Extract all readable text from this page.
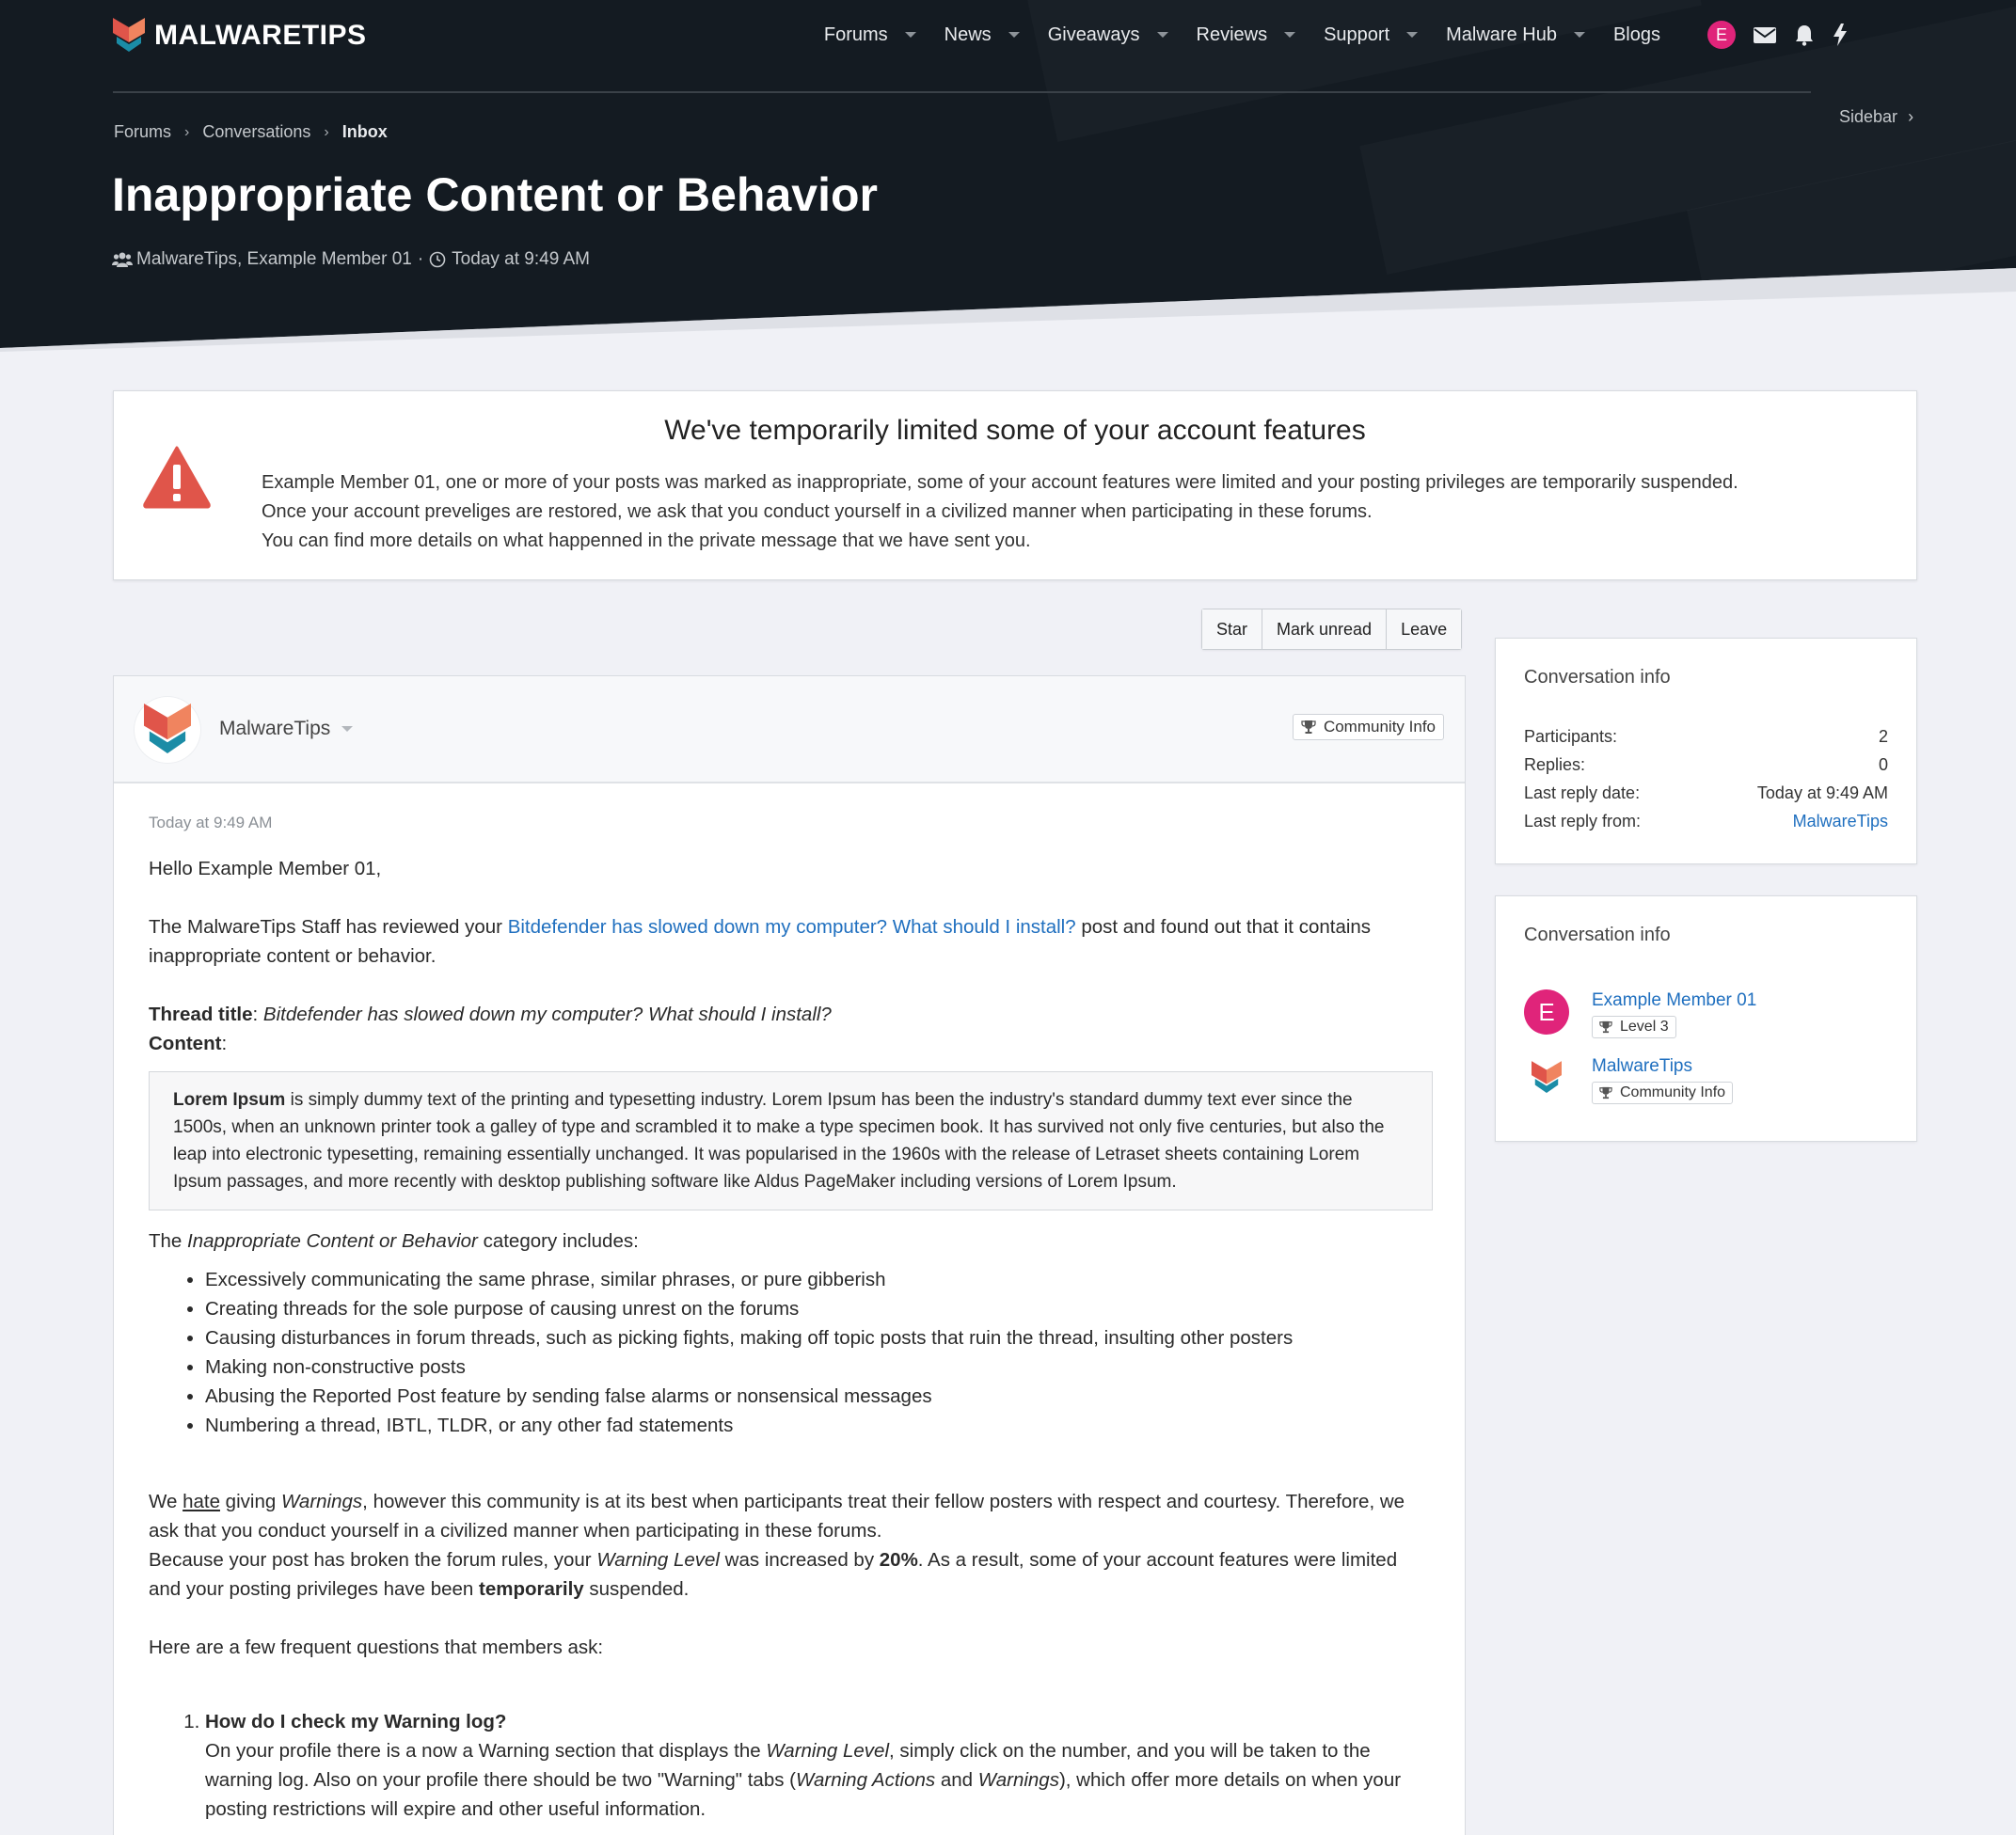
MALWARETIPS	Forums	News	Giveaways	Reviews	Support	Malware Hub	Blogs	E
Forums › Conversations › Inbox
Sidebar ›
Inappropriate Content or Behavior
MalwareTips, Example Member 01 · Today at 9:49 AM
We've temporarily limited some of your account features
Example Member 01, one or more of your posts was marked as inappropriate, some of your account features were limited and your posting privileges are temporarily suspended.
Once your account preveliges are restored, we ask that you conduct yourself in a civilized manner when participating in these forums.
You can find more details on what happenned in the private message that we have sent you.
Star	Mark unread	Leave
MalwareTips	Community Info
Today at 9:49 AM
Hello Example Member 01,
The MalwareTips Staff has reviewed your Bitdefender has slowed down my computer? What should I install? post and found out that it contains inappropriate content or behavior.
Thread title: Bitdefender has slowed down my computer? What should I install?
Content:
Lorem Ipsum is simply dummy text of the printing and typesetting industry. Lorem Ipsum has been the industry's standard dummy text ever since the 1500s, when an unknown printer took a galley of type and scrambled it to make a type specimen book. It has survived not only five centuries, but also the leap into electronic typesetting, remaining essentially unchanged. It was popularised in the 1960s with the release of Letraset sheets containing Lorem Ipsum passages, and more recently with desktop publishing software like Aldus PageMaker including versions of Lorem Ipsum.
The Inappropriate Content or Behavior category includes:
• Excessively communicating the same phrase, similar phrases, or pure gibberish
• Creating threads for the sole purpose of causing unrest on the forums
• Causing disturbances in forum threads, such as picking fights, making off topic posts that ruin the thread, insulting other posters
• Making non-constructive posts
• Abusing the Reported Post feature by sending false alarms or nonsensical messages
• Numbering a thread, IBTL, TLDR, or any other fad statements
We hate giving Warnings, however this community is at its best when participants treat their fellow posters with respect and courtesy. Therefore, we ask that you conduct yourself in a civilized manner when participating in these forums.
Because your post has broken the forum rules, your Warning Level was increased by 20%. As a result, some of your account features were limited and your posting privileges have been temporarily suspended.
Here are a few frequent questions that members ask:
1. How do I check my Warning log?
On your profile there is a now a Warning section that displays the Warning Level, simply click on the number, and you will be taken to the warning log. Also on your profile there should be two "Warning" tabs (Warning Actions and Warnings), which offer more details on when your posting restrictions will expire and other useful information.
Conversation info
Participants:	2
Replies:	0
Last reply date:	Today at 9:49 AM
Last reply from:	MalwareTips
Conversation info
E	Example Member 01

Level 3
MalwareTips

Community Info
